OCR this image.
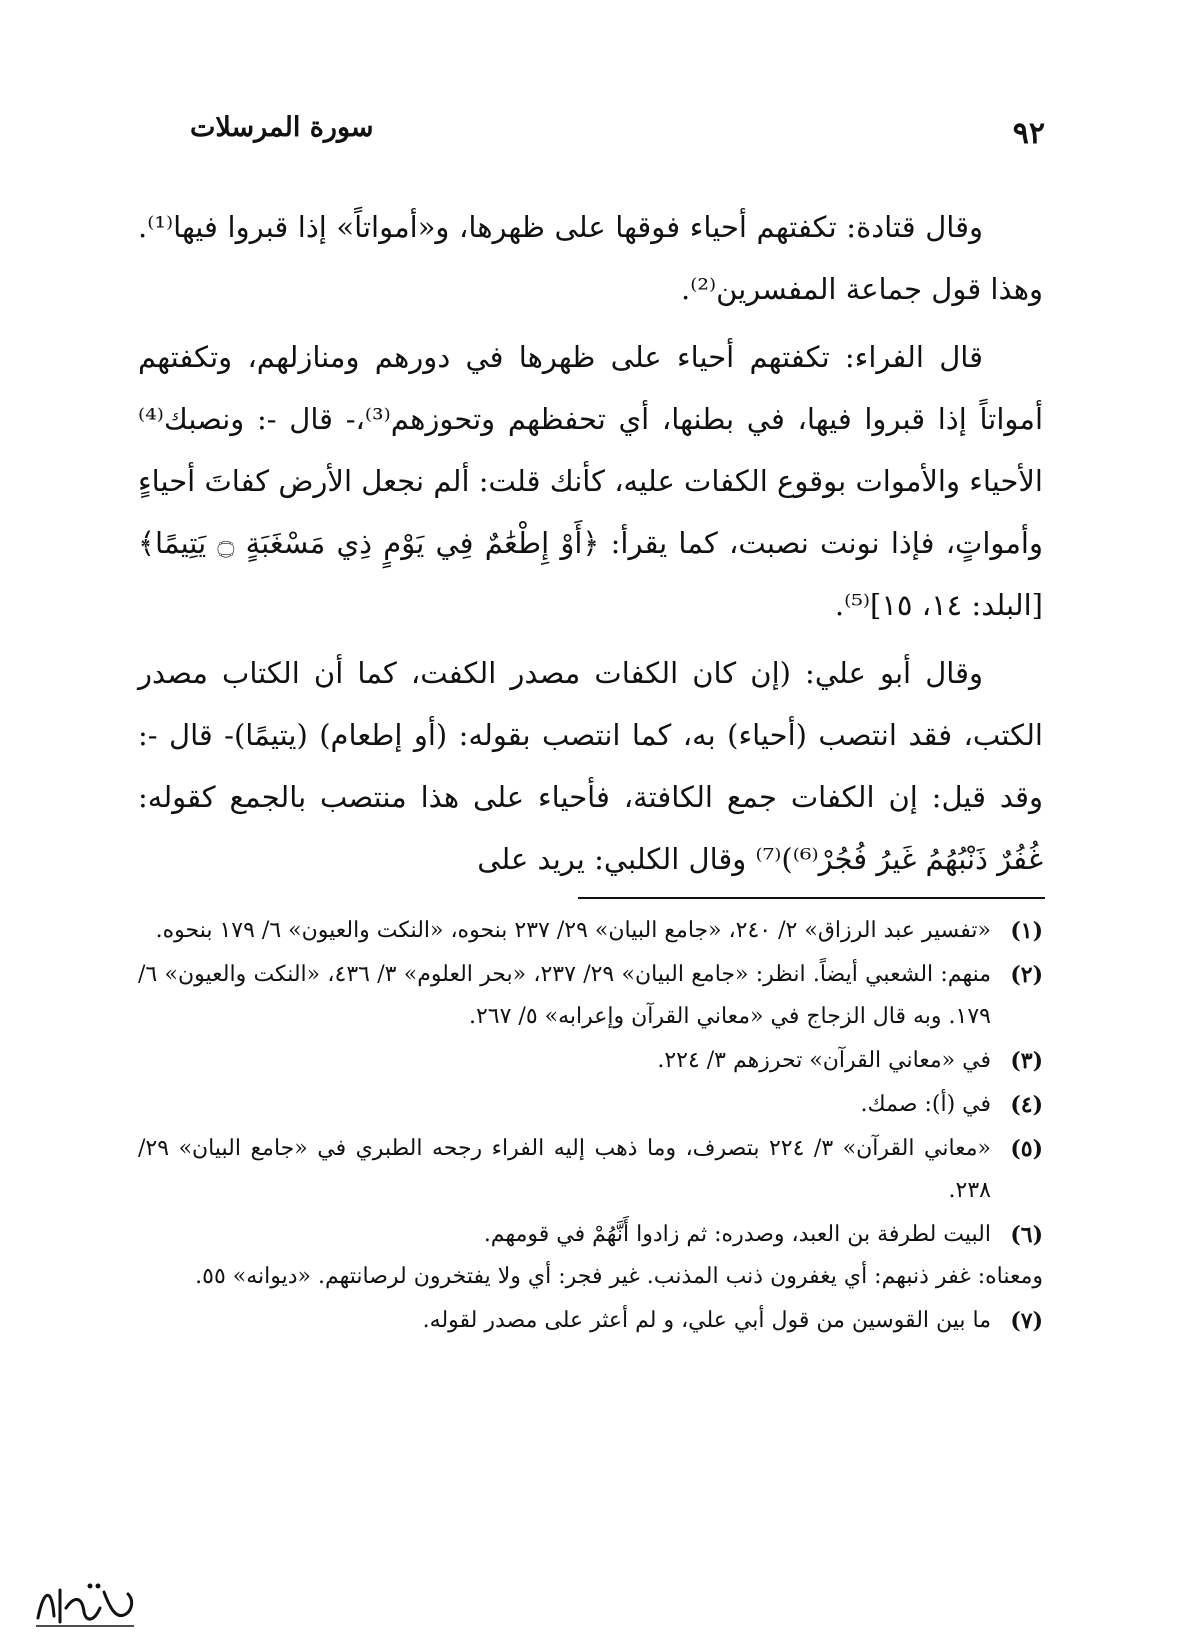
٩٢
سورة المرسلات

وقال قتادة: تكفتهم أحياء فوقها على ظهرها، و«أمواتاً» إذا قبروا فيها⁽¹⁾. وهذا قول جماعة المفسرين⁽²⁾.

قال الفراء: تكفتهم أحياء على ظهرها في دورهم ومنازلهم، وتكفتهم أمواتاً إذا قبروا فيها، في بطنها، أي تحفظهم وتحوزهم⁽³⁾،- قال -: ونصبك⁽⁴⁾ الأحياء والأموات بوقوع الكفات عليه، كأنك قلت: ألم نجعل الأرض كفاتَ أحياءٍ وأمواتٍ، فإذا نونت نصبت، كما يقرأ: ﴿أَوْ إِطْعَٰمٌ فِي يَوْمٍ ذِي مَسْغَبَةٍ ۝ يَتِيمًا﴾ [البلد: ١٤، ١٥]⁽⁵⁾.

وقال أبو علي: (إن كان الكفات مصدر الكفت، كما أن الكتاب مصدر الكتب، فقد انتصب (أحياء) به، كما انتصب بقوله: (أو إطعام) (يتيمًا)- قال -: وقد قيل: إن الكفات جمع الكافتة، فأحياء على هذا منتصب بالجمع كقوله: غُفُرٌ ذَنْبُهُمُ غَيرُ فُجُرْ⁽⁶⁾)⁽⁷⁾ وقال الكلبي: يريد على

(١)

«تفسير عبد الرزاق» ٢/ ٢٤٠، «جامع البيان» ٢٩/ ٢٣٧ بنحوه، «النكت والعيون» ٦/ ١٧٩ بنحوه.

(٢)

منهم: الشعبي أيضاً. انظر: «جامع البيان» ٢٩/ ٢٣٧، «بحر العلوم» ٣/ ٤٣٦، «النكت والعيون» ٦/ ١٧٩. وبه قال الزجاج في «معاني القرآن وإعرابه» ٥/ ٢٦٧.

(٣)

في «معاني القرآن» تحرزهم ٣/ ٢٢٤.

(٤)

في (أ): صمك.

(٥)

«معاني القرآن» ٣/ ٢٢٤ بتصرف، وما ذهب إليه الفراء رجحه الطبري في «جامع البيان» ٢٩/ ٢٣٨.

(٦)

البيت لطرفة بن العبد، وصدره: ثم زادوا أَنَّهُمْ في قومهم.

ومعناه: غفر ذنبهم: أي يغفرون ذنب المذنب. غير فجر: أي ولا يفتخرون لرصانتهم. «ديوانه» ٥٥.

(٧)

ما بين القوسين من قول أبي علي، و لم أعثر على مصدر لقوله.
